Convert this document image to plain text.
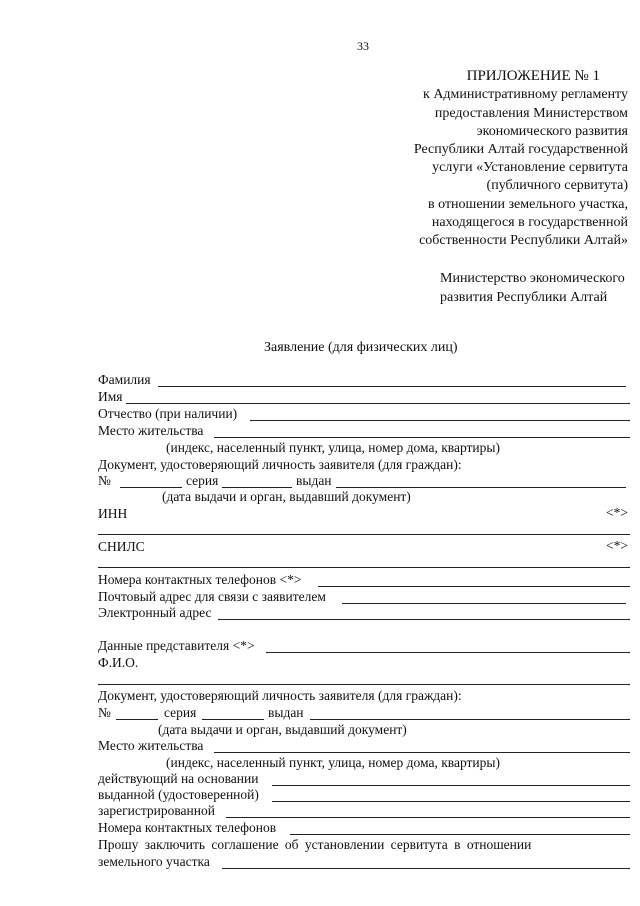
33
ПРИЛОЖЕНИЕ № 1
к Административному регламенту
предоставления Министерством
экономического развития
Республики Алтай государственной
услуги «Установление сервитута
(публичного сервитута)
в отношении земельного участка,
находящегося в государственной
собственности Республики Алтай»
Министерство экономического
развития Республики Алтай
Заявление (для физических лиц)
Фамилия
Имя
Отчество (при наличии)
Место жительства
(индекс, населенный пункт, улица, номер дома, квартиры)
Документ, удостоверяющий личность заявителя (для граждан):
№	серия	выдан
(дата выдачи и орган, выдавший документ)
ИНН	<*>
СНИЛС	<*>
Номера контактных телефонов <*>
Почтовый адрес для связи с заявителем
Электронный адрес
Данные представителя <*>
Ф.И.О.
Документ, удостоверяющий личность заявителя (для граждан):
№	серия	выдан
(дата выдачи и орган, выдавший документ)
Место жительства
(индекс, населенный пункт, улица, номер дома, квартиры)
действующий на основании
выданной (удостоверенной)
зарегистрированной
Номера контактных телефонов
Прошу заключить соглашение об установлении сервитута в отношении
земельного участка
